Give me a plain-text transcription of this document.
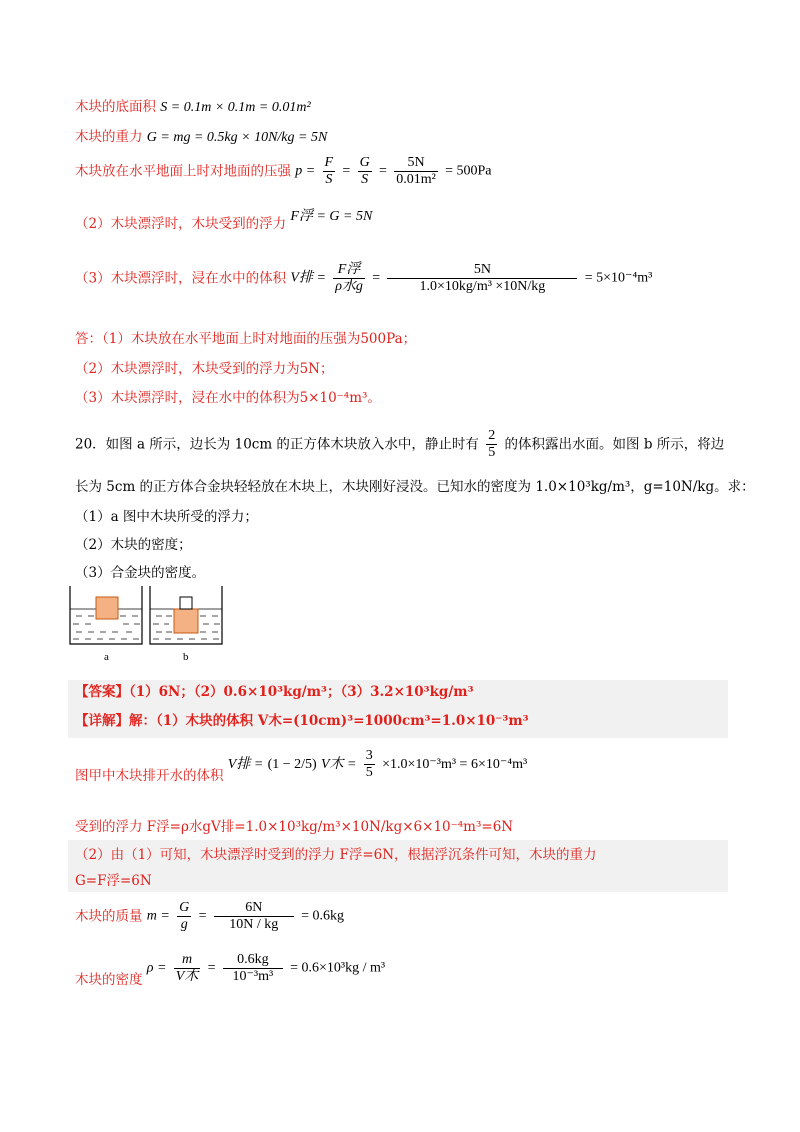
木块的底面积 S = 0.1m × 0.1m = 0.01m²
木块的重力 G = mg = 0.5kg × 10N/kg = 5N
木块放在水平地面上时对地面的压强 $p = \frac{F}{S} = \frac{G}{S} = \frac{5N}{\text{0.01m²}} = 500Pa$
（2）木块漂浮时，木块受到的浮力 F浮 = G = 5N
（3）木块漂浮时，浸在水中的体积 V排 = $\frac{\text{F浮}}{\text{ρ水g}} = \frac{5N}{\text{1.0×10kg/m³ ×10N/kg}} = 5\times 10^{-4}m^3$
答：（1）木块放在水平地面上时对地面的压强为500Pa；
（2）木块漂浮时，木块受到的浮力为5N；
（3）木块漂浮时，浸在水中的体积为5×10⁻⁴m³。
20．如图 a 所示，边长为 10cm 的正方体木块放入水中，静止时有 $\frac{2}{5}$ 的体积露出水面。如图 b 所示，将边
长为 5cm 的正方体合金块轻轻放在木块上，木块刚好浸没。已知水的密度为 1.0×10³kg/m³，g=10N/kg。求：
（1）a 图中木块所受的浮力；
（2）木块的密度；
（3）合金块的密度。
a	b
【答案】（1）6N；（2）0.6×10³kg/m³；（3）3.2×10³kg/m³
【详解】解：（1）木块的体积 V木=(10cm)³=1000cm³=1.0×10⁻³m³
图甲中木块排开水的体积 V排 = (1 − 2/5) V木 = $\frac{3}{5} \times 1.0\times 10^{-3}m^3 = 6\times 10^{-4}m^3$
受到的浮力 F浮=ρ水gV排=1.0×10³kg/m³×10N/kg×6×10⁻⁴m³=6N
（2）由（1）可知，木块漂浮时受到的浮力 F浮=6N，根据浮沉条件可知，木块的重力
G=F浮=6N
木块的质量 $m = \frac{G}{g} = \frac{6N}{10N / kg} = 0.6kg$
木块的密度 $\rho = \frac{m}{\text{V木}} = \frac{0.6kg}{\text{10⁻³m³}} = 0.6\times 10^3kg / m^3$
